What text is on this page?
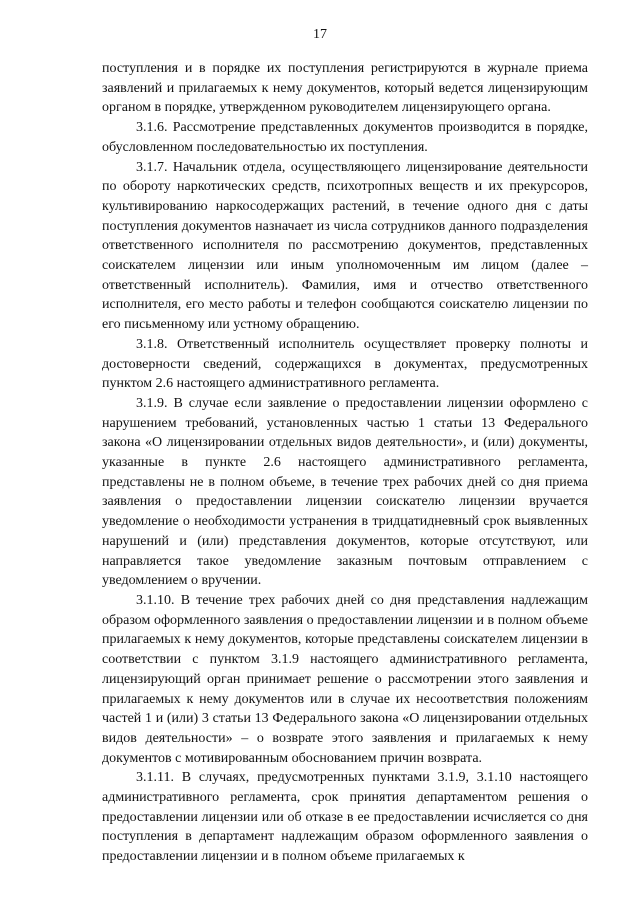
17

поступления и в порядке их поступления регистрируются в журнале приема заявлений и прилагаемых к нему документов, который ведется лицензирующим органом в порядке, утвержденном руководителем лицензирующего органа.

3.1.6. Рассмотрение представленных документов производится в порядке, обусловленном последовательностью их поступления.

3.1.7. Начальник отдела, осуществляющего лицензирование деятельности по обороту наркотических средств, психотропных веществ и их прекурсоров, культивированию наркосодержащих растений, в течение одного дня с даты поступления документов назначает из числа сотрудников данного подразделения ответственного исполнителя по рассмотрению документов, представленных соискателем лицензии или иным уполномоченным им лицом (далее – ответственный исполнитель). Фамилия, имя и отчество ответственного исполнителя, его место работы и телефон сообщаются соискателю лицензии по его письменному или устному обращению.

3.1.8. Ответственный исполнитель осуществляет проверку полноты и достоверности сведений, содержащихся в документах, предусмотренных пунктом 2.6 настоящего административного регламента.

3.1.9. В случае если заявление о предоставлении лицензии оформлено с нарушением требований, установленных частью 1 статьи 13 Федерального закона «О лицензировании отдельных видов деятельности», и (или) документы, указанные в пункте 2.6 настоящего административного регламента, представлены не в полном объеме, в течение трех рабочих дней со дня приема заявления о предоставлении лицензии соискателю лицензии вручается уведомление о необходимости устранения в тридцатидневный срок выявленных нарушений и (или) представления документов, которые отсутствуют, или направляется такое уведомление заказным почтовым отправлением с уведомлением о вручении.

3.1.10. В течение трех рабочих дней со дня представления надлежащим образом оформленного заявления о предоставлении лицензии и в полном объеме прилагаемых к нему документов, которые представлены соискателем лицензии в соответствии с пунктом 3.1.9 настоящего административного регламента, лицензирующий орган принимает решение о рассмотрении этого заявления и прилагаемых к нему документов или в случае их несоответствия положениям частей 1 и (или) 3 статьи 13 Федерального закона «О лицензировании отдельных видов деятельности» – о возврате этого заявления и прилагаемых к нему документов с мотивированным обоснованием причин возврата.

3.1.11. В случаях, предусмотренных пунктами 3.1.9, 3.1.10 настоящего административного регламента, срок принятия департаментом решения о предоставлении лицензии или об отказе в ее предоставлении исчисляется со дня поступления в департамент надлежащим образом оформленного заявления о предоставлении лицензии и в полном объеме прилагаемых к
